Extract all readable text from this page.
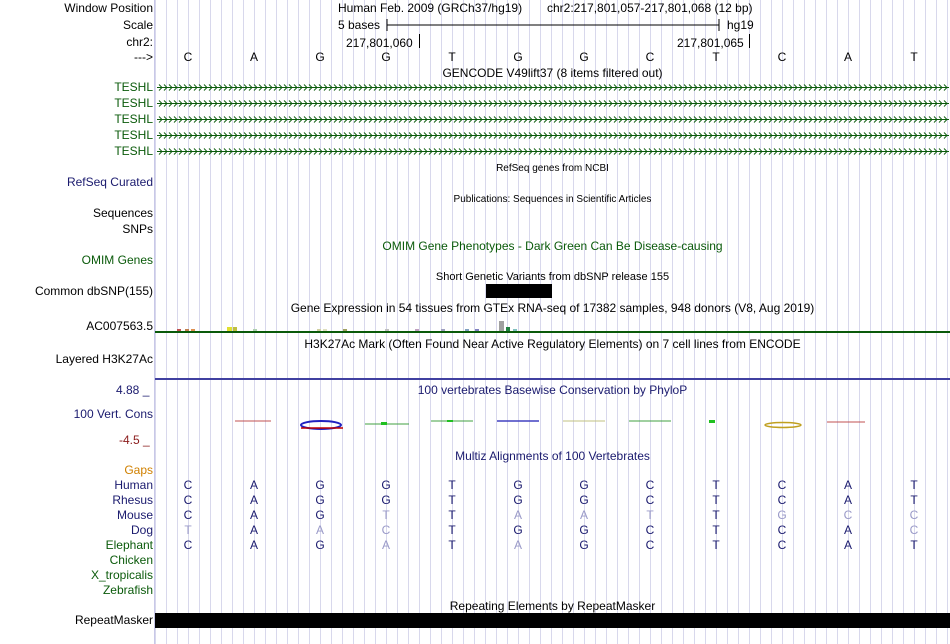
Window Position
Scale
chr2:
--->
Human Feb. 2009 (GRCh37/hg19) chr2:217,801,057-217,801,068 (12 bp)
5 bases	hg19
217,801,060	217,801,065
C	A	G	G	T	G	G	C	T	C	A	T
GENCODE V49lift37 (8 items filtered out)
TESHL
TESHL
TESHL
TESHL
TESHL
RefSeq genes from NCBI
RefSeq Curated
Publications: Sequences in Scientific Articles
Sequences
SNPs
OMIM Gene Phenotypes - Dark Green Can Be Disease-causing
OMIM Genes
Short Genetic Variants from dbSNP release 155
Common dbSNP(155)
Gene Expression in 54 tissues from GTEx RNA-seq of 17382 samples, 948 donors (V8, Aug 2019)
AC007563.5
H3K27Ac Mark (Often Found Near Active Regulatory Elements) on 7 cell lines from ENCODE
Layered H3K27Ac
100 vertebrates Basewise Conservation by PhyloP
4.88 _
100 Vert. Cons
-4.5 _
Multiz Alignments of 100 Vertebrates
Gaps
Human	C	A	G	G	T	G	G	C	T	C	A	T
Rhesus	C	A	G	G	T	G	G	C	T	C	A	T
Mouse	C	A	G	T	T	A	A	T	T	G	C	C
Dog	T	A	A	C	T	G	G	C	T	C	A	C
Elephant	C	A	G	A	T	A	G	C	T	C	A	T
Chicken
X_tropicalis
Zebrafish
Repeating Elements by RepeatMasker
RepeatMasker
